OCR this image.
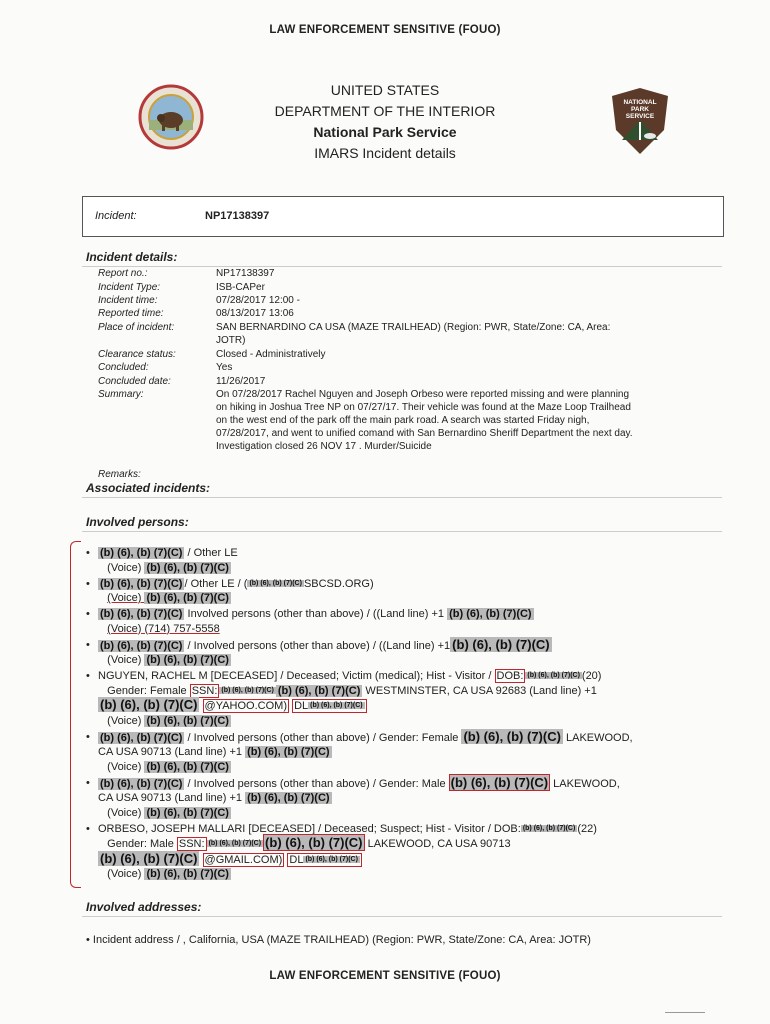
LAW ENFORCEMENT SENSITIVE (FOUO)
NATIONAL
PARK
SERVICE
UNITED STATES
DEPARTMENT OF THE INTERIOR
National Park Service
IMARS Incident details
Incident:	NP17138397
Incident details:
Report no.:	NP17138397
Incident Type:	ISB-CAPer
Incident time:	07/28/2017 12:00 -
Reported time:	08/13/2017 13:06
Place of incident:	SAN BERNARDINO CA USA (MAZE TRAILHEAD) (Region: PWR, State/Zone: CA, Area: JOTR)
Clearance status:	Closed - Administratively
Concluded:	Yes
Concluded date:	11/26/2017
Summary:	On 07/28/2017 Rachel Nguyen and Joseph Orbeso were reported missing and were planning on hiking in Joshua Tree NP on 07/27/17. Their vehicle was found at the Maze Loop Trailhead on the west end of the park off the main park road. A search was started Friday nigh, 07/28/2017, and went to unified comand with San Bernardino Sheriff Department the next day. Investigation closed 26 NOV 17 . Murder/Suicide
Remarks:
Associated incidents:
Involved persons:
• (b) (6), (b) (7)(C) / Other LE
(Voice) (b) (6), (b) (7)(C)
• (b) (6), (b) (7)(C) / Other LE / ( (b) (6), (b) (7)(C) SBCSD.ORG)
(Voice) (b) (6), (b) (7)(C)
• (b) (6), (b) (7)(C) Involved persons (other than above) / ((Land line) +1 (b) (6), (b) (7)(C)
(Voice) (714) 757-5558
• (b) (6), (b) (7)(C) / Involved persons (other than above) / ((Land line) +1 (b) (6), (b) (7)(C)
(Voice) (b) (6), (b) (7)(C)
• NGUYEN, RACHEL M [DECEASED] / Deceased; Victim (medical); Hist - Visitor / DOB: (b) (6), (b) (7)(C) (20)
Gender: Female SSN: (b) (6), (b) (7)(C) (b) (6), (b) (7)(C) WESTMINSTER, CA USA 92683 (Land line) +1
(b) (6), (b) (7)(C) @YAHOO.COM) DL (b) (6), (b) (7)(C)
(Voice) (b) (6), (b) (7)(C)
• (b) (6), (b) (7)(C) / Involved persons (other than above) / Gender: Female (b) (6), (b) (7)(C) LAKEWOOD,
CA USA 90713 (Land line) +1 (b) (6), (b) (7)(C)
(Voice) (b) (6), (b) (7)(C)
• (b) (6), (b) (7)(C) / Involved persons (other than above) / Gender: Male (b) (6), (b) (7)(C) LAKEWOOD,
CA USA 90713 (Land line) +1 (b) (6), (b) (7)(C)
(Voice) (b) (6), (b) (7)(C)
• ORBESO, JOSEPH MALLARI [DECEASED] / Deceased; Suspect; Hist - Visitor / DOB: (b) (6), (b) (7)(C) (22)
Gender: Male SSN: (b) (6), (b) (7)(C) (b) (6), (b) (7)(C) LAKEWOOD, CA USA 90713
(b) (6), (b) (7)(C) @GMAIL.COM) DL (b) (6), (b) (7)(C)
(Voice) (b) (6), (b) (7)(C)
Involved addresses:
• Incident address / , California, USA (MAZE TRAILHEAD) (Region: PWR, State/Zone: CA, Area: JOTR)
LAW ENFORCEMENT SENSITIVE (FOUO)
